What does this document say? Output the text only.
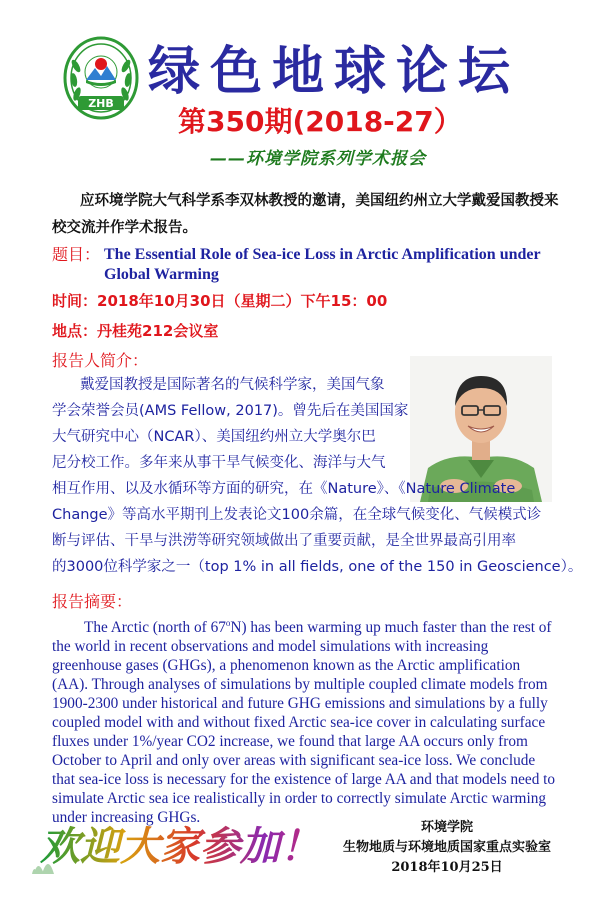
ZHB
绿色地球论坛
第350期(2018-27）
——环境学院系列学术报会
应环境学院大气科学系李双林教授的邀请，美国纽约州立大学戴爱国教授来校交流并作学术报告。
题目： The Essential Role of Sea-ice Loss in Arctic Amplification under Global Warming
时间：2018年10月30日（星期二）下午15：00
地点：丹桂苑212会议室
报告人简介：
戴爱国教授是国际著名的气候科学家，美国气象
学会荣誉会员(AMS Fellow, 2017)。曾先后在美国国家
大气研究中心（NCAR）、美国纽约州立大学奥尔巴
尼分校工作。多年来从事干旱气候变化、海洋与大气
相互作用、以及水循环等方面的研究，在《Nature》、《Nature Climate
Change》等高水平期刊上发表论文100余篇，在全球气候变化、气候模式诊
断与评估、干旱与洪涝等研究领域做出了重要贡献，是全世界最高引用率
的3000位科学家之一（top 1% in all fields, one of the 150 in Geoscience）。
报告摘要：
The Arctic (north of 67$^o$N) has been warming up much faster than the rest of the world in recent observations and model simulations with increasing greenhouse gases (GHGs), a phenomenon known as the Arctic amplification (AA). Through analyses of simulations by multiple coupled climate models from 1900-2300 under historical and future GHG emissions and simulations by a fully coupled model with and without fixed Arctic sea-ice cover in calculating surface fluxes under 1%/year CO2 increase, we found that large AA occurs only from October to April and only over areas with significant sea-ice loss. We conclude that sea-ice loss is necessary for the existence of large AA and that models need to simulate Arctic sea ice realistically in order to correctly simulate Arctic warming under increasing GHGs.
欢迎大家参加！	环境学院
生物地质与环境地质国家重点实验室
2018年10月25日
